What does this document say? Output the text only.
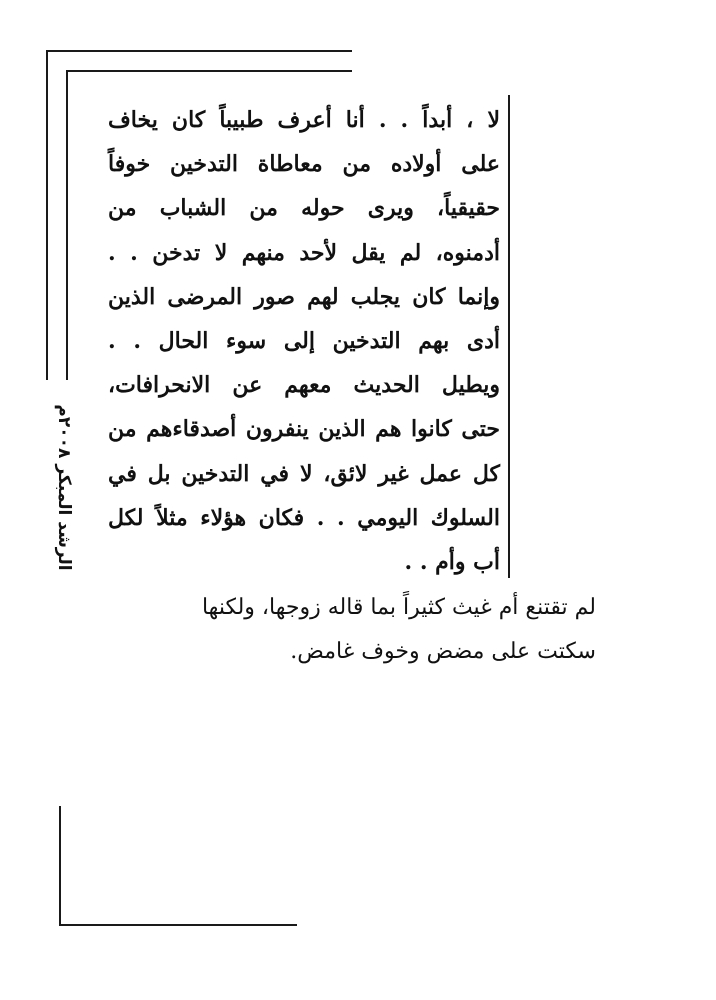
لا ، أبداً . . أنا أعرف طبيباً كان يخاف
على أولاده من معاطاة التدخين خوفاً
حقيقياً، ويرى حوله من الشباب من
أدمنوه، لم يقل لأحد منهم لا تدخن . .
وإنما كان يجلب لهم صور المرضى الذين
أدى بهم التدخين إلى سوء الحال . .
ويطيل الحديث معهم عن الانحرافات،
حتى كانوا هم الذين ينفرون أصدقاءهم من
كل عمل غير لائق، لا في التدخين بل في
السلوك اليومي . . فكان هؤلاء مثلاً لكل
أب وأم . .
لم تقتنع أم غيث كثيراً بما قاله زوجها، ولكنها
سكتت على مضض وخوف غامض.
الرشد المبكر ٢٠٠٨م
